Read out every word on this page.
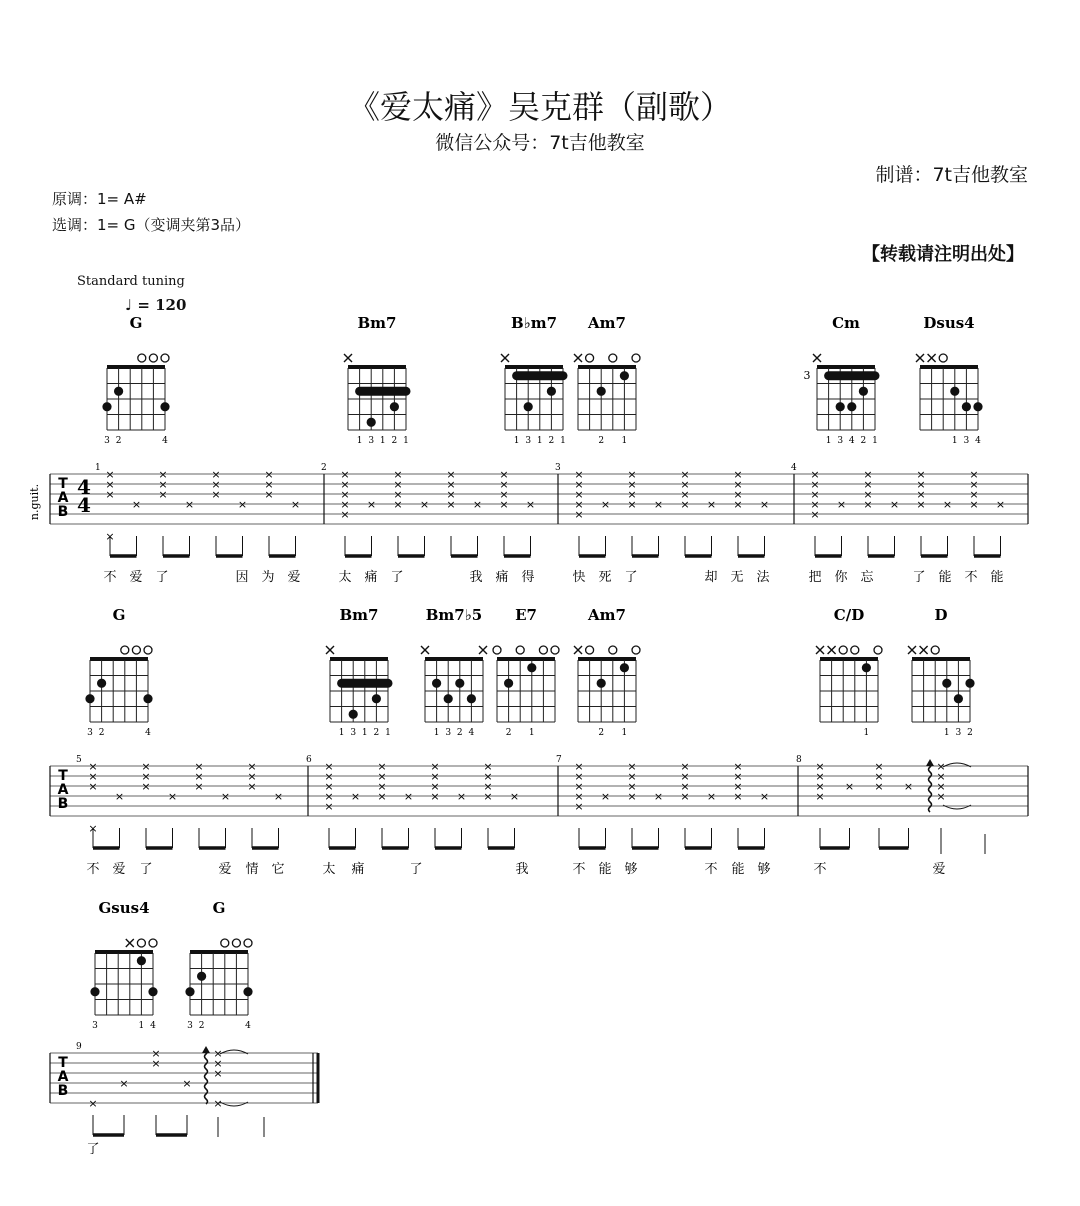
《爱太痛》吴克群（副歌）
微信公众号：7t吉他教室
制谱：7t吉他教室
原调：1= A#
选调：1= G（变调夹第3品）
【转载请注明出处】
Standard tuning
♩ = 120
G
3 2	4
Bm7
1 3 1 2 1
B♭m7
1 3 1 2 1
Am7
2 1
Cm
3
1 3 4 2 1
Dsus4
1 3 4
n.guit. T
A
B
4
4
1	2	3	4
×
×
×
×
×
×
×
×
×
×
×
×
×
×
×
×
×
×
×
×
×
×
×
×
×
×
× ×
×
×
×
× ×
×
×
×
× ×
×
×
×
×
×
×
×
×
×
× ×
×
×
×
× ×
×
×
×
× ×
×
×
×
×
×
×
×
×
×
× ×
×
×
×
× ×
×
×
×
× ×
不 爱 了	因 为 爱	太 痛 了	我 痛 得	快 死 了	却 无 法	把 你 忘	了 能 不 能
G
3 2	4
Bm7
1 3 1 2 1
Bm7♭5
1 3 2 4
E7
2 1
Am7
2 1
C/D
1
D
1 3 2
T
A
B
5	6	7	8
×
×
×
×
×
×
×
×
×
×
×
×
×
×
×
×
×
×
×
×
×
×
×
×
×
×
× ×
×
×
×
× ×
×
×
×
× ×
×
×
×
×
×
×
×
×
×
× ×
×
×
×
× ×
×
×
×
× ×
×
×
×
×
×
×
×
× ×
×
×
×
×
不 爱 了	爱 情 它	太 痛	了	我	不 能 够	不 能 够	不	爱
Gsus4
3	1 4
G
3 2	4
T
A
B
9
×
×
×
×
×
×
×
×
×
了
